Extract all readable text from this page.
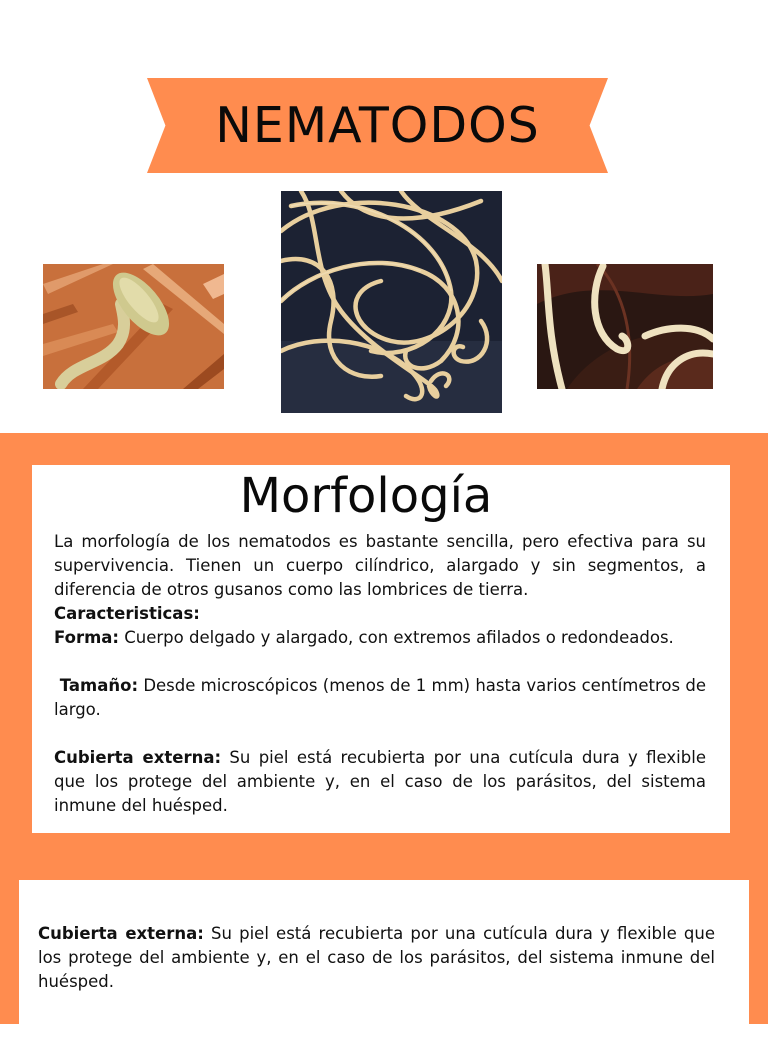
NEMATODOS
Morfología

La morfología de los nematodos es bastante sencilla, pero efectiva para su supervivencia. Tienen un cuerpo cilíndrico, alargado y sin segmentos, a diferencia de otros gusanos como las lombrices de tierra.

Caracteristicas:

Forma: Cuerpo delgado y alargado, con extremos afilados o redondeados.

Tamaño: Desde microscópicos (menos de 1 mm) hasta varios centímetros de largo.

Cubierta externa: Su piel está recubierta por una cutícula dura y flexible que los protege del ambiente y, en el caso de los parásitos, del sistema inmune del huésped.

Cubierta externa: Su piel está recubierta por una cutícula dura y flexible que los protege del ambiente y, en el caso de los parásitos, del sistema inmune del huésped.
